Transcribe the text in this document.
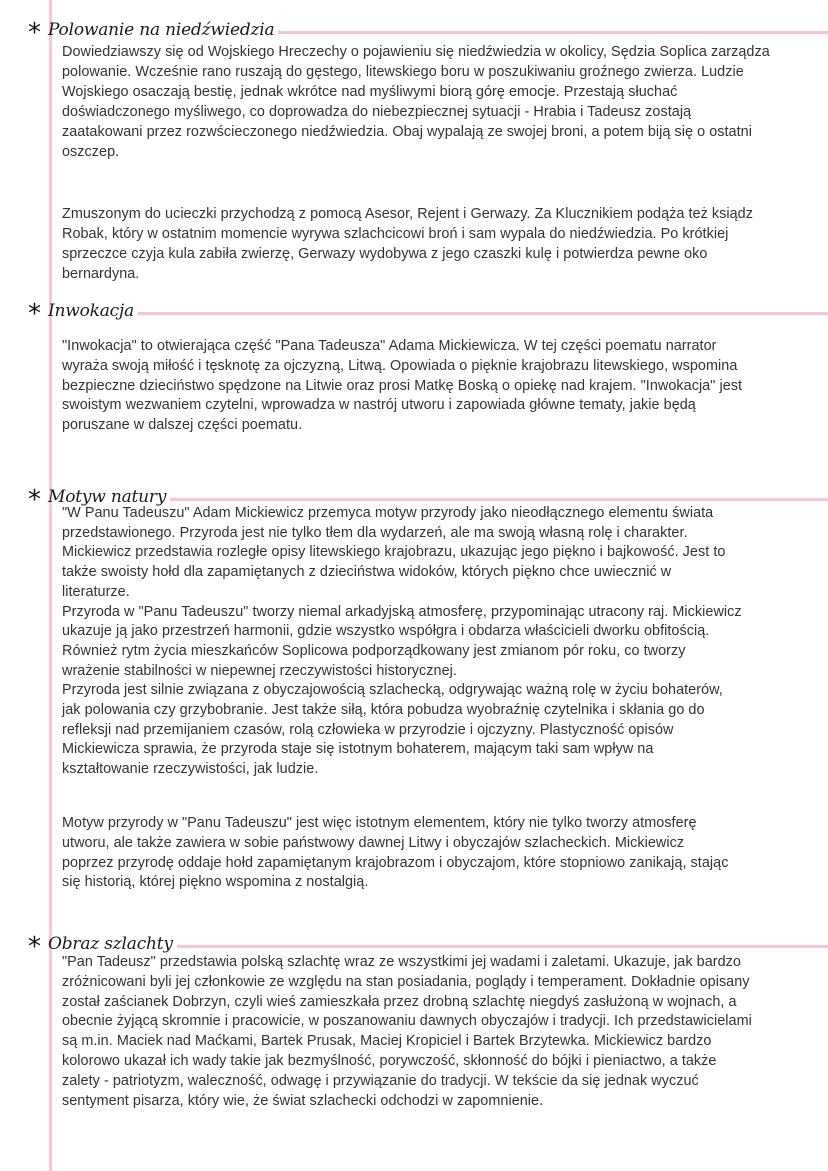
* Polowanie na niedźwiedzia
Dowiedziawszy się od Wojskiego Hreczechy o pojawieniu się niedźwiedzia w okolicy, Sędzia Soplica zarządza
polowanie. Wcześnie rano ruszają do gęstego, litewskiego boru w poszukiwaniu groźnego zwierza. Ludzie
Wojskiego osaczają bestię, jednak wkrótce nad myśliwymi biorą górę emocje. Przestają słuchać
doświadczonego myśliwego, co doprowadza do niebezpiecznej sytuacji - Hrabia i Tadeusz zostają
zaatakowani przez rozwścieczonego niedźwiedzia. Obaj wypalają ze swojej broni, a potem biją się o ostatni
oszczep.
Zmuszonym do ucieczki przychodzą z pomocą Asesor, Rejent i Gerwazy. Za Klucznikiem podąża też ksiądz
Robak, który w ostatnim momencie wyrywa szlachcicowi broń i sam wypala do niedźwiedzia. Po krótkiej
sprzeczce czyja kula zabiła zwierzę, Gerwazy wydobywa z jego czaszki kulę i potwierdza pewne oko
bernardyna.
* Inwokacja
"Inwokacja" to otwierająca część "Pana Tadeusza" Adama Mickiewicza. W tej części poematu narrator
wyraża swoją miłość i tęsknotę za ojczyzną, Litwą. Opowiada o pięknie krajobrazu litewskiego, wspomina
bezpieczne dzieciństwo spędzone na Litwie oraz prosi Matkę Boską o opiekę nad krajem. "Inwokacja" jest
swoistym wezwaniem czytelni, wprowadza w nastrój utworu i zapowiada główne tematy, jakie będą
poruszane w dalszej części poematu.
* Motyw natury
"W Panu Tadeuszu" Adam Mickiewicz przemyca motyw przyrody jako nieodłącznego elementu świata
przedstawionego. Przyroda jest nie tylko tłem dla wydarzeń, ale ma swoją własną rolę i charakter.
Mickiewicz przedstawia rozległe opisy litewskiego krajobrazu, ukazując jego piękno i bajkowość. Jest to
także swoisty hołd dla zapamiętanych z dzieciństwa widoków, których piękno chce uwiecznić w
literaturze.
Przyroda w "Panu Tadeuszu" tworzy niemal arkadyjską atmosferę, przypominając utracony raj. Mickiewicz
ukazuje ją jako przestrzeń harmonii, gdzie wszystko współgra i obdarza właścicieli dworku obfitością.
Również rytm życia mieszkańców Soplicowa podporządkowany jest zmianom pór roku, co tworzy
wrażenie stabilności w niepewnej rzeczywistości historycznej.
Przyroda jest silnie związana z obyczajowością szlachecką, odgrywając ważną rolę w życiu bohaterów,
jak polowania czy grzybobranie. Jest także siłą, która pobudza wyobraźnię czytelnika i skłania go do
refleksji nad przemijaniem czasów, rolą człowieka w przyrodzie i ojczyzny. Plastyczność opisów
Mickiewicza sprawia, że przyroda staje się istotnym bohaterem, mającym taki sam wpływ na
kształtowanie rzeczywistości, jak ludzie.
Motyw przyrody w "Panu Tadeuszu" jest więc istotnym elementem, który nie tylko tworzy atmosferę
utworu, ale także zawiera w sobie państwowy dawnej Litwy i obyczajów szlacheckich. Mickiewicz
poprzez przyrodę oddaje hołd zapamiętanym krajobrazom i obyczajom, które stopniowo zanikają, stając
się historią, której piękno wspomina z nostalgią.
* Obraz szlachty
"Pan Tadeusz" przedstawia polską szlachtę wraz ze wszystkimi jej wadami i zaletami. Ukazuje, jak bardzo
zróżnicowani byli jej członkowie ze względu na stan posiadania, poglądy i temperament. Dokładnie opisany
został zaścianek Dobrzyn, czyli wieś zamieszkała przez drobną szlachtę niegdyś zasłużoną w wojnach, a
obecnie żyjącą skromnie i pracowicie, w poszanowaniu dawnych obyczajów i tradycji. Ich przedstawicielami
są m.in. Maciek nad Maćkami, Bartek Prusak, Maciej Kropiciel i Bartek Brzytewka. Mickiewicz bardzo
kolorowo ukazał ich wady takie jak bezmyślność, porywczość, skłonność do bójki i pieniactwo, a także
zalety - patriotyzm, waleczność, odwagę i przywiązanie do tradycji. W tekście da się jednak wyczuć
sentyment pisarza, który wie, że świat szlachecki odchodzi w zapomnienie.
